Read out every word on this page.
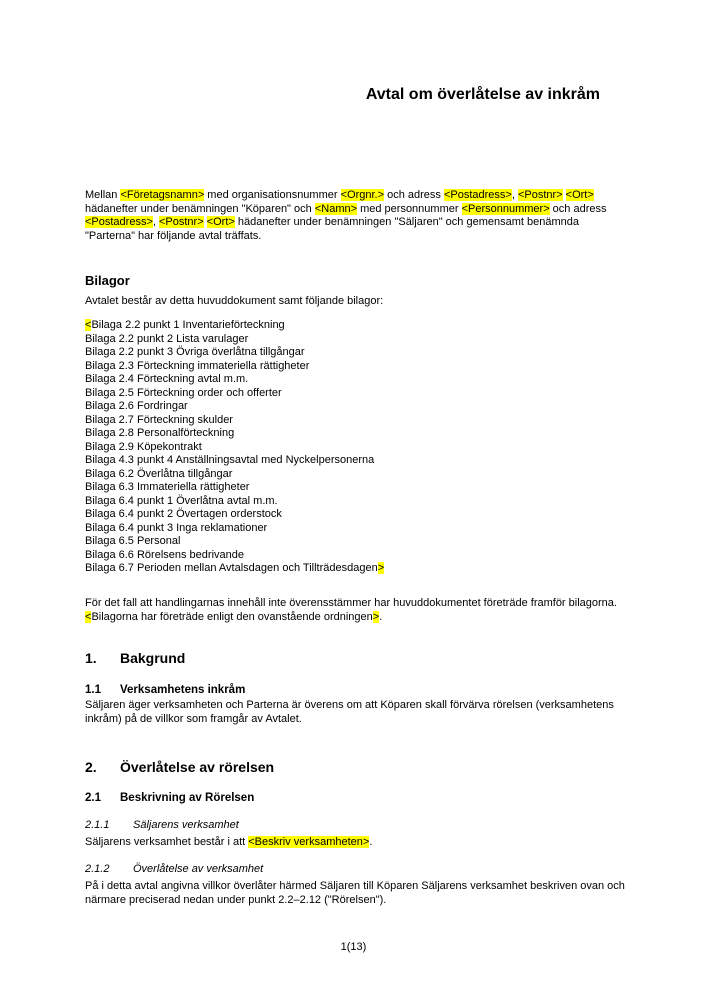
Avtal om överlåtelse av inkråm

Mellan <Företagsnamn> med organisationsnummer <Orgnr.> och adress <Postadress>, <Postnr> <Ort> hädanefter under benämningen "Köparen" och <Namn> med personnummer <Personnummer> och adress <Postadress>, <Postnr> <Ort> hädanefter under benämningen "Säljaren" och gemensamt benämnda "Parterna" har följande avtal träffats.

Bilagor

Avtalet består av detta huvuddokument samt följande bilagor:

<Bilaga 2.2 punkt 1 Inventarieförteckning
Bilaga 2.2 punkt 2 Lista varulager
Bilaga 2.2 punkt 3 Övriga överlåtna tillgångar
Bilaga 2.3 Förteckning immateriella rättigheter
Bilaga 2.4 Förteckning avtal m.m.
Bilaga 2.5 Förteckning order och offerter
Bilaga 2.6 Fordringar
Bilaga 2.7 Förteckning skulder
Bilaga 2.8 Personalförteckning
Bilaga 2.9 Köpekontrakt
Bilaga 4.3 punkt 4 Anställningsavtal med Nyckelpersonerna
Bilaga 6.2 Överlåtna tillgångar
Bilaga 6.3 Immateriella rättigheter
Bilaga 6.4 punkt 1 Överlåtna avtal m.m.
Bilaga 6.4 punkt 2 Övertagen orderstock
Bilaga 6.4 punkt 3 Inga reklamationer
Bilaga 6.5 Personal
Bilaga 6.6 Rörelsens bedrivande
Bilaga 6.7 Perioden mellan Avtalsdagen och Tillträdesdagen>

För det fall att handlingarnas innehåll inte överensstämmer har huvuddokumentet företräde framför bilagorna. <Bilagorna har företräde enligt den ovanstående ordningen>.

1. Bakgrund
1.1 Verksamhetens inkråm

Säljaren äger verksamheten och Parterna är överens om att Köparen skall förvärva rörelsen (verksamhetens inkråm) på de villkor som framgår av Avtalet.

2. Överlåtelse av rörelsen
2.1 Beskrivning av Rörelsen
2.1.1 Säljarens verksamhet

Säljarens verksamhet består i att <Beskriv verksamheten>.

2.1.2 Överlåtelse av verksamhet

På i detta avtal angivna villkor överlåter härmed Säljaren till Köparen Säljarens verksamhet beskriven ovan och närmare preciserad nedan under punkt 2.2–2.12 ("Rörelsen").

1(13)
